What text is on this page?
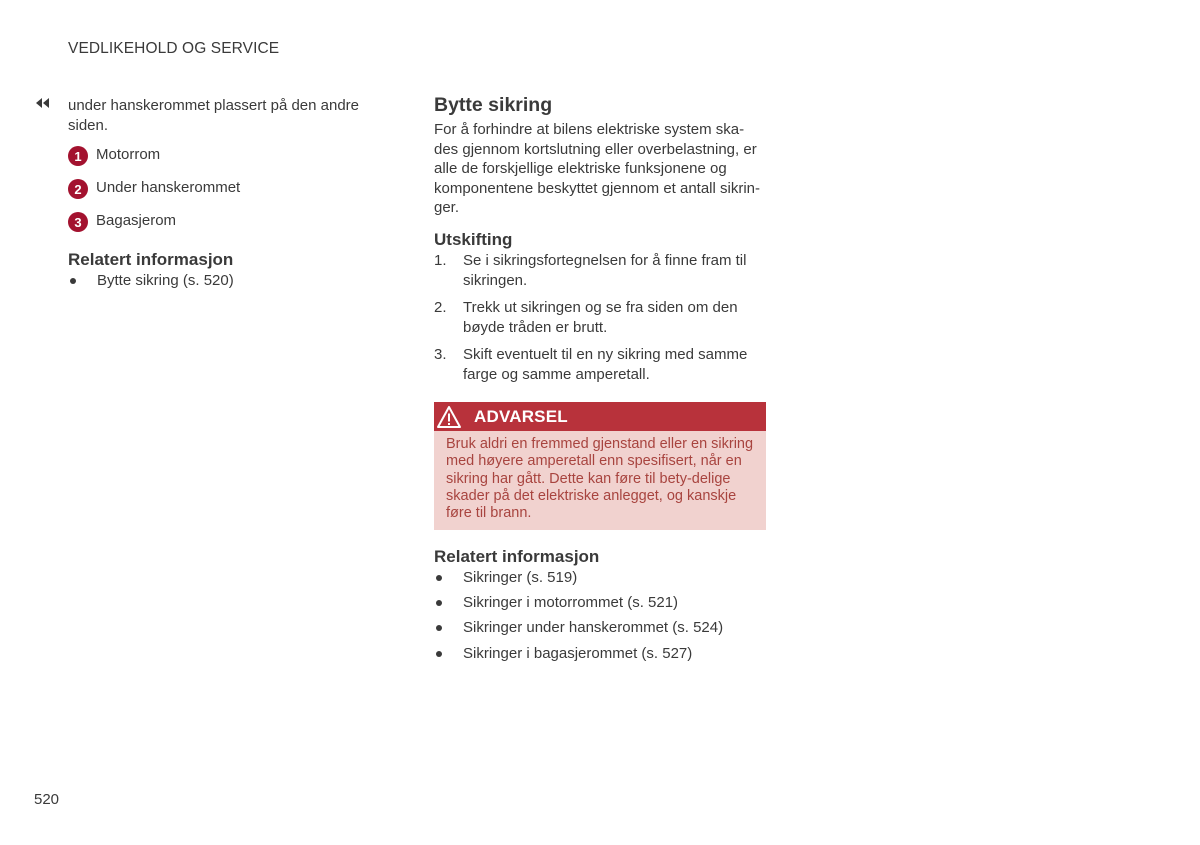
VEDLIKEHOLD OG SERVICE
under hanskerommet plassert på den andre siden.
1 Motorrom
2 Under hanskerommet
3 Bagasjerom
Relatert informasjon
Bytte sikring (s. 520)
Bytte sikring
For å forhindre at bilens elektriske system ska-des gjennom kortslutning eller overbelastning, er alle de forskjellige elektriske funksjonene og komponentene beskyttet gjennom et antall sikrin-ger.
Utskifting
1.	Se i sikringsfortegnelsen for å finne fram til sikringen.
2.	Trekk ut sikringen og se fra siden om den bøyde tråden er brutt.
3.	Skift eventuelt til en ny sikring med samme farge og samme amperetall.
ADVARSEL
Bruk aldri en fremmed gjenstand eller en sikring med høyere amperetall enn spesifisert, når en sikring har gått. Dette kan føre til bety-delige skader på det elektriske anlegget, og kanskje føre til brann.
Relatert informasjon
Sikringer (s. 519)
Sikringer i motorrommet (s. 521)
Sikringer under hanskerommet (s. 524)
Sikringer i bagasjerommet (s. 527)
520
